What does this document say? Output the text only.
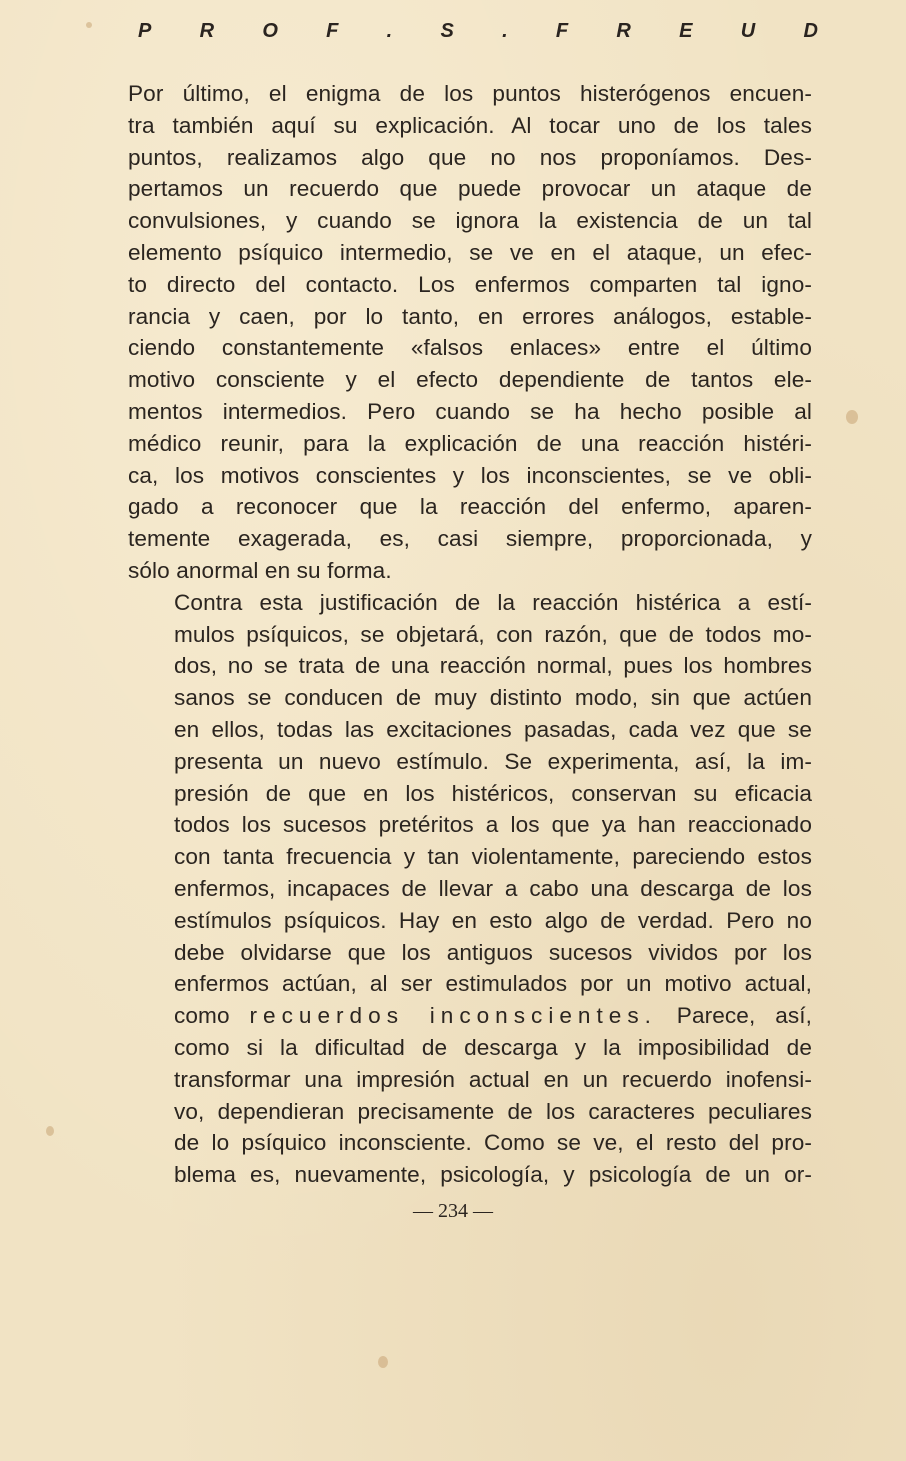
P R O F . S . F R E U D

Por último, el enigma de los puntos histerógenos encuen-
tra también aquí su explicación. Al tocar uno de los tales
puntos, realizamos algo que no nos proponíamos. Des-
pertamos un recuerdo que puede provocar un ataque de
convulsiones, y cuando se ignora la existencia de un tal
elemento psíquico intermedio, se ve en el ataque, un efec-
to directo del contacto. Los enfermos comparten tal igno-
rancia y caen, por lo tanto, en errores análogos, estable-
ciendo constantemente «falsos enlaces» entre el último
motivo consciente y el efecto dependiente de tantos ele-
mentos intermedios. Pero cuando se ha hecho posible al
médico reunir, para la explicación de una reacción histéri-
ca, los motivos conscientes y los inconscientes, se ve obli-
gado a reconocer que la reacción del enfermo, aparen-
temente exagerada, es, casi siempre, proporcionada, y
sólo anormal en su forma.

Contra esta justificación de la reacción histérica a estí-
mulos psíquicos, se objetará, con razón, que de todos mo-
dos, no se trata de una reacción normal, pues los hombres
sanos se conducen de muy distinto modo, sin que actúen
en ellos, todas las excitaciones pasadas, cada vez que se
presenta un nuevo estímulo. Se experimenta, así, la im-
presión de que en los histéricos, conservan su eficacia
todos los sucesos pretéritos a los que ya han reaccionado
con tanta frecuencia y tan violentamente, pareciendo estos
enfermos, incapaces de llevar a cabo una descarga de los
estímulos psíquicos. Hay en esto algo de verdad. Pero no
debe olvidarse que los antiguos sucesos vividos por los
enfermos actúan, al ser estimulados por un motivo actual,
como recuerdos inconscientes. Parece, así,
como si la dificultad de descarga y la imposibilidad de
transformar una impresión actual en un recuerdo inofensi-
vo, dependieran precisamente de los caracteres peculiares
de lo psíquico inconsciente. Como se ve, el resto del pro-
blema es, nuevamente, psicología, y psicología de un or-

— 234 —
